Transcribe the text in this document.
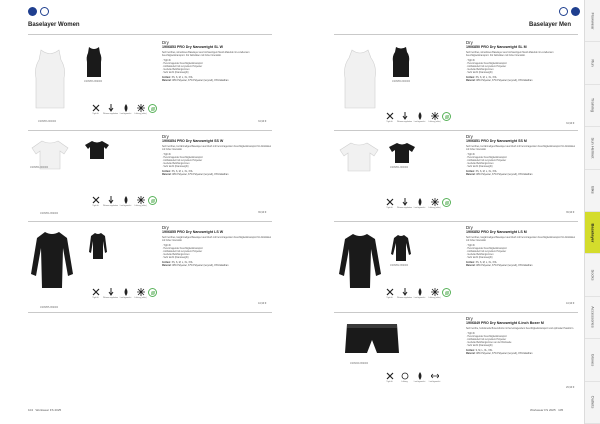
Baselayer Women
1906853-999000
1906853-900000
Dry
1906853 PRO Dry Nanoweight SL W
Sehr leichtes, ärmelloses Baselayer aus hochwertigem Mesh-Material mit exzellentem Feuchtigkeitstransport. Für Aktivitäten mit hoher Intensität.
· Tight fit
· Hervorragender Feuchtigkeitstransport
· Antibakteriell mit recyceltem Polyester
· Gezielte Belüftungszonen
· Sehr leicht (Nanoweight)
Größen: XS, S, M, L, XL, XXL
Material: 48% Polyester, 37% Polyester (recycelt), 15% Elasthan
Tight fit Wärme-regulation Leichtgewicht Lüftung (aktiv)
34,99 €
1906854-900000
1906854-999000
Dry
1906854 PRO Dry Nanoweight SS W
Sehr leichtes, kurzärmeliges Baselayer aus Mesh mit hervorragendem Feuchtigkeitstransport für Aktivitäten mit hoher Intensität.
· Tight fit
· Hervorragender Feuchtigkeitstransport
· Antibakteriell mit recyceltem Polyester
· Gezielte Belüftungszonen
· Sehr leicht (Nanoweight)
Größen: XS, S, M, L, XL, XXL
Material: 48% Polyester, 37% Polyester (recycelt), 15% Elasthan
Tight fit Wärme-regulation Leichtgewicht Lüftung (aktiv)
39,99 €
1906855-999000
Dry
1906855 PRO Dry Nanoweight LS W
Sehr leichtes, langärmeliges Baselayer aus Mesh mit hervorragendem Feuchtigkeitstransport für Aktivitäten mit hoher Intensität.
· Tight fit
· Hervorragender Feuchtigkeitstransport
· Antibakteriell mit recyceltem Polyester
· Gezielte Belüftungszonen
· Sehr leicht (Nanoweight)
Größen: XS, S, M, L, XL, XXL
Material: 48% Polyester, 37% Polyester (recycelt), 15% Elasthan
Tight fit Wärme-regulation Leichtgewicht Lüftung (aktiv)
44,99 €
104 Workwear FS 2025
Baselayer Men
Dry
1906850 PRO Dry Nanoweight SL M
Sehr leichtes, ärmelloses Baselayer aus hochwertigem Mesh-Material mit exzellentem Feuchtigkeitstransport. Für Aktivitäten mit hoher Intensität.
· Tight fit
· Hervorragender Feuchtigkeitstransport
· Antibakteriell mit recyceltem Polyester
· Gezielte Belüftungszonen
· Sehr leicht (Nanoweight)
Größen: XS, S, M, L, XL, XXL
Material: 48% Polyester, 37% Polyester (recycelt), 15% Elasthan
1906850-900000
Tight fit Wärme-regulation Leichtgewicht Lüftung (aktiv)	34,99 €
Dry
1906851 PRO Dry Nanoweight SS M
Sehr leichtes, kurzärmeliges Baselayer aus Mesh mit hervorragendem Feuchtigkeitstransport für Aktivitäten mit hoher Intensität.
· Tight fit
· Hervorragender Feuchtigkeitstransport
· Antibakteriell mit recyceltem Polyester
· Gezielte Belüftungszonen
· Sehr leicht (Nanoweight)
Größen: XS, S, M, L, XL, XXL
Material: 48% Polyester, 37% Polyester (recycelt), 15% Elasthan
1906851-900000
Tight fit Wärme-regulation Leichtgewicht Lüftung (aktiv)
39,99 €
Dry
1906852 PRO Dry Nanoweight LS M
Sehr leichtes, langärmeliges Baselayer aus Mesh mit hervorragendem Feuchtigkeitstransport für Aktivitäten mit hoher Intensität.
· Tight fit
· Hervorragender Feuchtigkeitstransport
· Antibakteriell mit recyceltem Polyester
· Gezielte Belüftungszonen
· Sehr leicht (Nanoweight)
Größen: XS, S, M, L, XL, XXL
Material: 48% Polyester, 37% Polyester (recycelt), 15% Elasthan
1906852-999000
Tight fit Wärme-regulation Leichtgewicht Lüftung (aktiv)
44,99 €
Dry
1906849 PRO Dry Nanoweight 6-inch Boxer M
Sehr leichte, funktionelle Boxershorts mit hervorragendem Feuchtigkeitstransport und optimaler Passform.
· Tight fit
· Hervorragender Feuchtigkeitstransport
· Antibakteriell mit recyceltem Polyester
· Gezielte Belüftungszonen an der Rückseite
· Sehr leicht (Nanoweight)
Größen: S, M, L, XL, XXL
Material: 48% Polyester, 37% Polyester (recycelt), 15% Elasthan
1906849-999000
Tight fit	Lüftung	Leichtgewicht Leichtgewicht
29,99 €
Workwear FS 2025 105
Flowwear
Run
Training
Sun Helmet
Bike
Baselayer
Socks
Accessories
Gloves
Outlets
